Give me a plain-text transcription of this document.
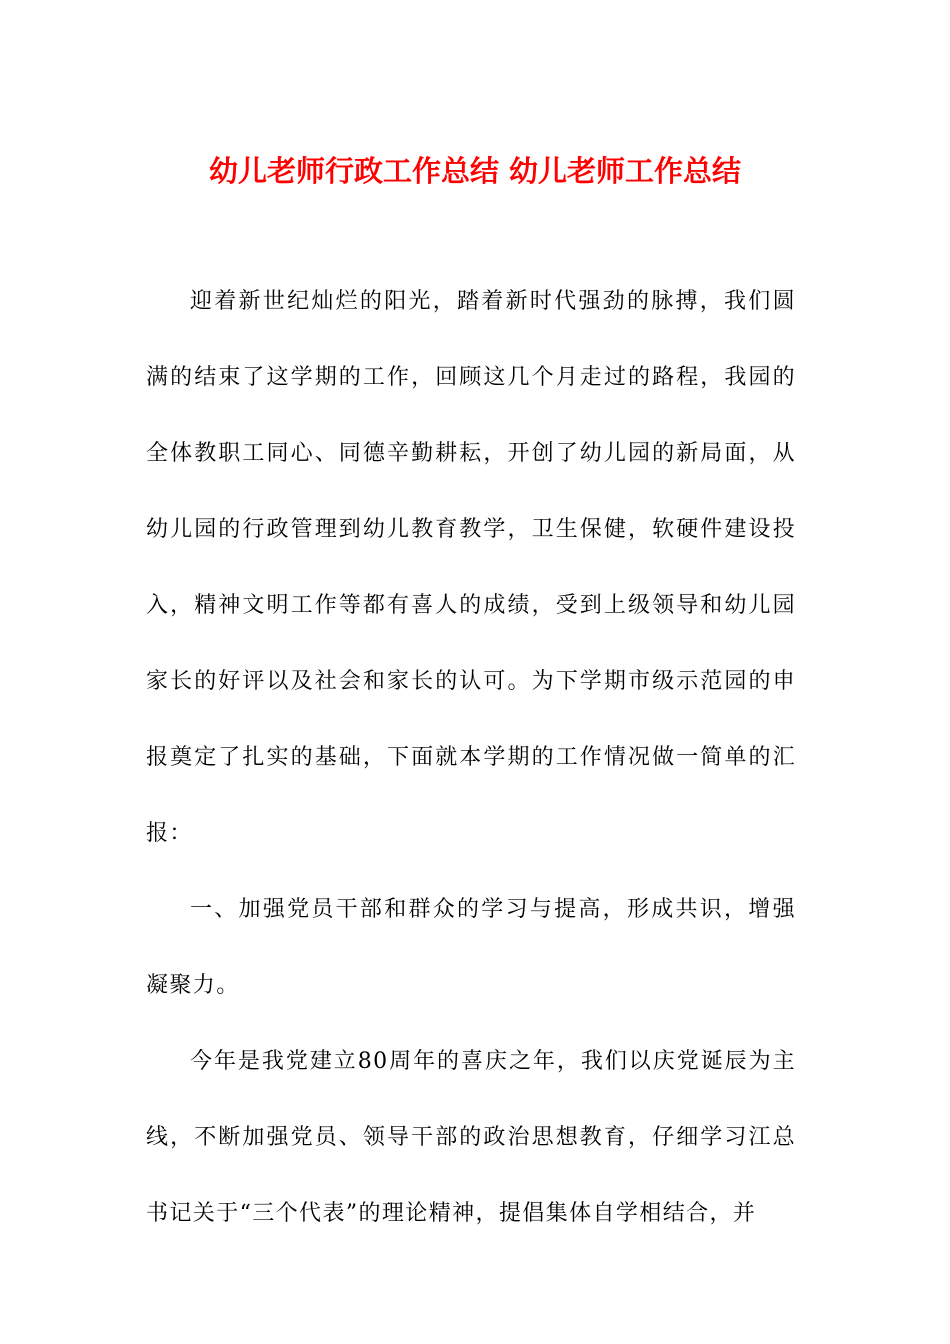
幼儿老师行政工作总结 幼儿老师工作总结

迎着新世纪灿烂的阳光，踏着新时代强劲的脉搏，我们圆满的结束了这学期的工作，回顾这几个月走过的路程，我园的全体教职工同心、同德辛勤耕耘，开创了幼儿园的新局面，从幼儿园的行政管理到幼儿教育教学，卫生保健，软硬件建设投入，精神文明工作等都有喜人的成绩，受到上级领导和幼儿园家长的好评以及社会和家长的认可。为下学期市级示范园的申报奠定了扎实的基础，下面就本学期的工作情况做一简单的汇报：

一、加强党员干部和群众的学习与提高，形成共识，增强凝聚力。

今年是我党建立80周年的喜庆之年，我们以庆党诞辰为主线，不断加强党员、领导干部的政治思想教育，仔细学习江总书记关于“三个代表”的理论精神，提倡集体自学相结合，并
